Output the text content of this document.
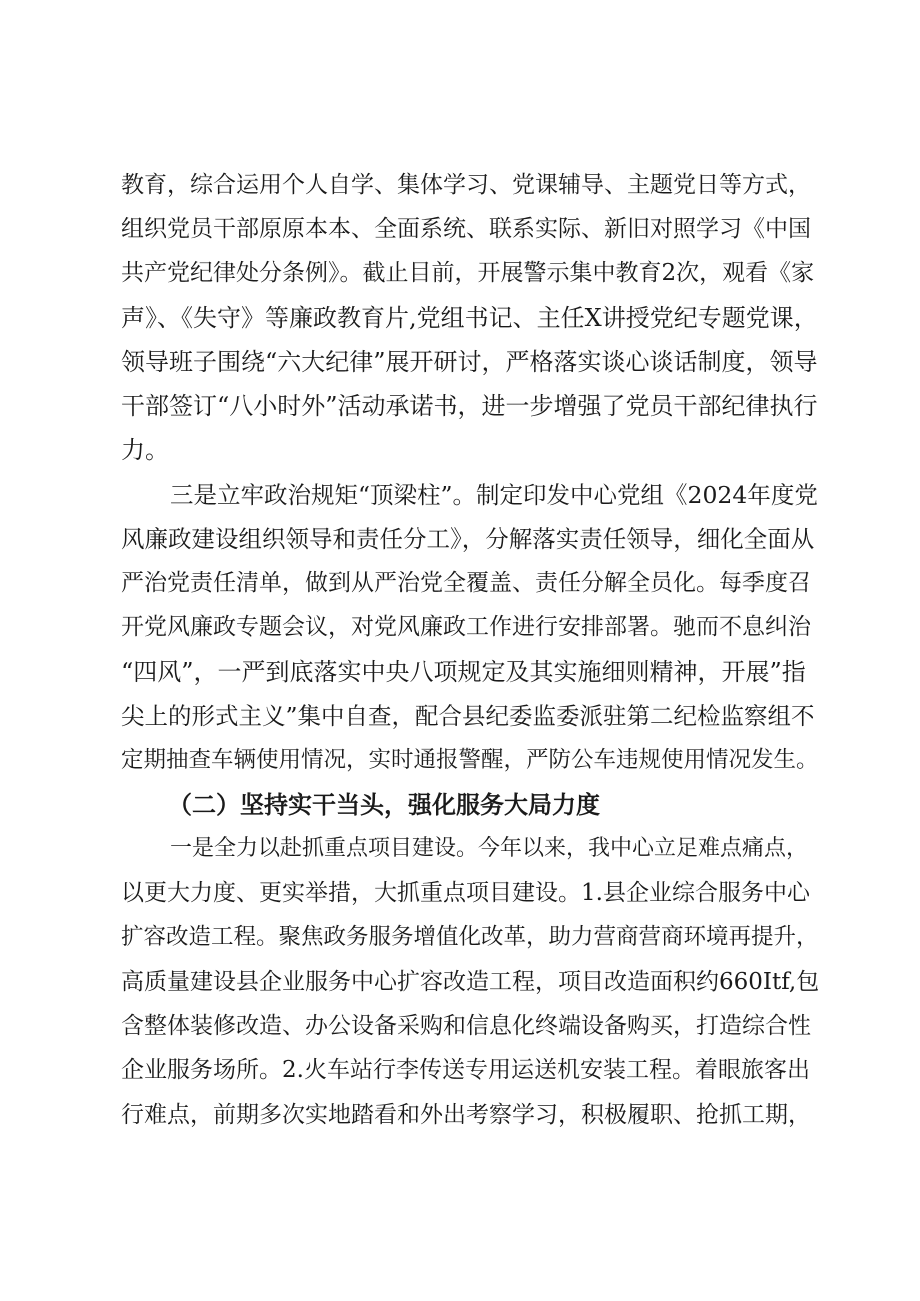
教育，综合运用个人自学、集体学习、党课辅导、主题党日等方式，
组织党员干部原原本本、全面系统、联系实际、新旧对照学习《中国
共产党纪律处分条例》。截止目前，开展警示集中教育2次，观看《家
声》、《失守》等廉政教育片,党组书记、主任X讲授党纪专题党课，
领导班子围绕“六大纪律”展开研讨，严格落实谈心谈话制度，领导
干部签订“八小时外”活动承诺书，进一步增强了党员干部纪律执行
力。
三是立牢政治规矩“顶梁柱”。制定印发中心党组《2024年度党
风廉政建设组织领导和责任分工》，分解落实责任领导，细化全面从
严治党责任清单，做到从严治党全覆盖、责任分解全员化。每季度召
开党风廉政专题会议，对党风廉政工作进行安排部署。驰而不息纠治
“四风”，一严到底落实中央八项规定及其实施细则精神，开展”指
尖上的形式主义”集中自查，配合县纪委监委派驻第二纪检监察组不
定期抽查车辆使用情况，实时通报警醒，严防公车违规使用情况发生。
（二）坚持实干当头，强化服务大局力度
一是全力以赴抓重点项目建设。今年以来，我中心立足难点痛点，
以更大力度、更实举措，大抓重点项目建设。1.县企业综合服务中心
扩容改造工程。聚焦政务服务增值化改革，助力营商营商环境再提升，
高质量建设县企业服务中心扩容改造工程，项目改造面积约660Itf,包
含整体装修改造、办公设备采购和信息化终端设备购买，打造综合性
企业服务场所。2.火车站行李传送专用运送机安装工程。着眼旅客出
行难点，前期多次实地踏看和外出考察学习，积极履职、抢抓工期，
